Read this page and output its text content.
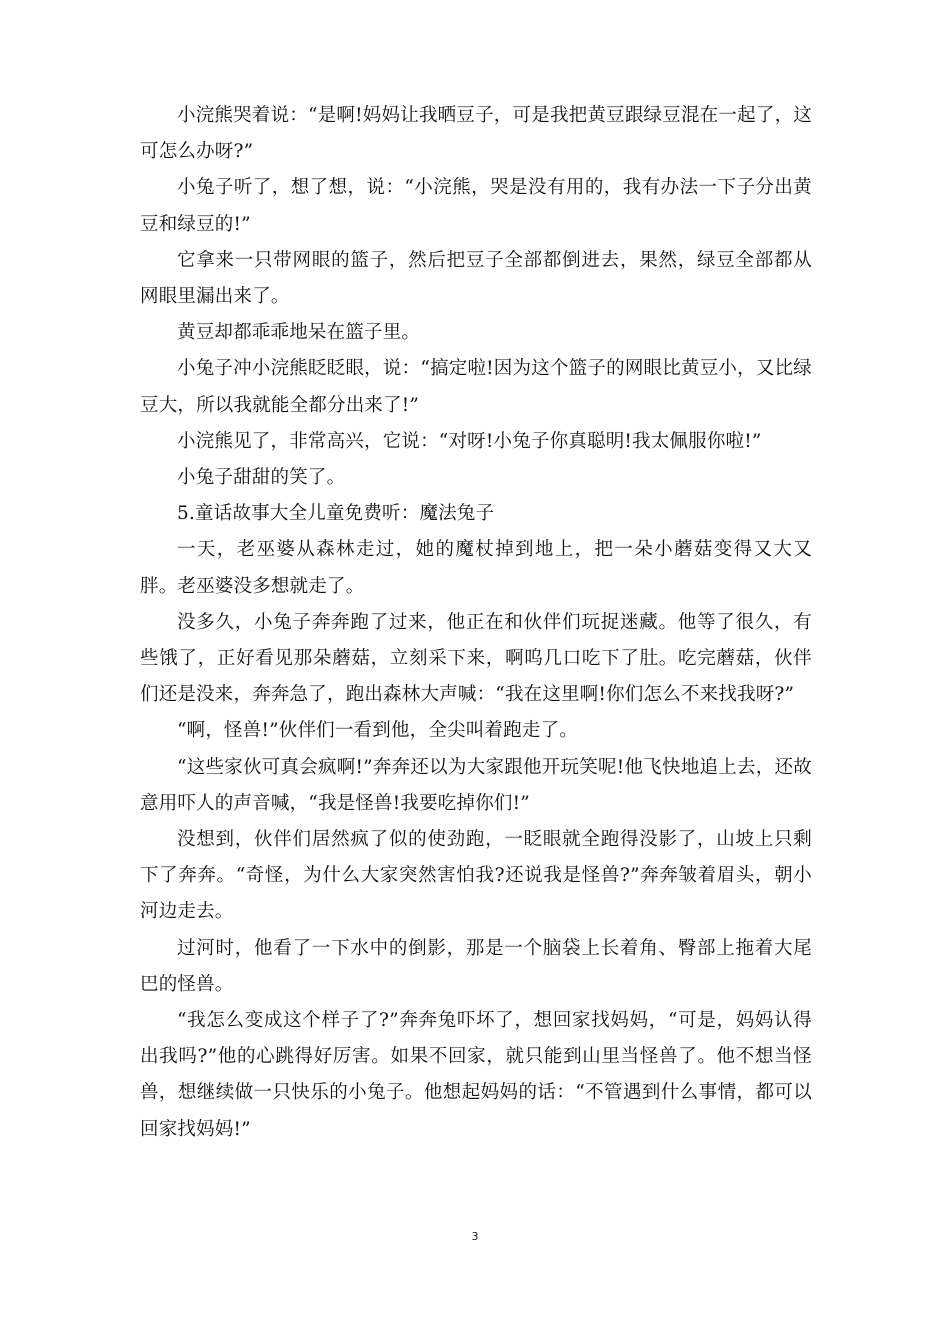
小浣熊哭着说：“是啊!妈妈让我晒豆子，可是我把黄豆跟绿豆混在一起了，这可怎么办呀?”

小兔子听了，想了想，说：“小浣熊，哭是没有用的，我有办法一下子分出黄豆和绿豆的!”

它拿来一只带网眼的篮子，然后把豆子全部都倒进去，果然，绿豆全部都从网眼里漏出来了。

黄豆却都乖乖地呆在篮子里。

小兔子冲小浣熊眨眨眼，说：“搞定啦!因为这个篮子的网眼比黄豆小，又比绿豆大，所以我就能全都分出来了!”

小浣熊见了，非常高兴，它说：“对呀!小兔子你真聪明!我太佩服你啦!”

小兔子甜甜的笑了。

5.童话故事大全儿童免费听：魔法兔子

一天，老巫婆从森林走过，她的魔杖掉到地上，把一朵小蘑菇变得又大又胖。老巫婆没多想就走了。

没多久，小兔子奔奔跑了过来，他正在和伙伴们玩捉迷藏。他等了很久，有些饿了，正好看见那朵蘑菇，立刻采下来，啊呜几口吃下了肚。吃完蘑菇，伙伴们还是没来，奔奔急了，跑出森林大声喊：“我在这里啊!你们怎么不来找我呀?”

“啊，怪兽!”伙伴们一看到他，全尖叫着跑走了。

“这些家伙可真会疯啊!”奔奔还以为大家跟他开玩笑呢!他飞快地追上去，还故意用吓人的声音喊，“我是怪兽!我要吃掉你们!”

没想到，伙伴们居然疯了似的使劲跑，一眨眼就全跑得没影了，山坡上只剩下了奔奔。“奇怪，为什么大家突然害怕我?还说我是怪兽?”奔奔皱着眉头，朝小河边走去。

过河时，他看了一下水中的倒影，那是一个脑袋上长着角、臀部上拖着大尾巴的怪兽。

“我怎么变成这个样子了?”奔奔兔吓坏了，想回家找妈妈，“可是，妈妈认得出我吗?”他的心跳得好厉害。如果不回家，就只能到山里当怪兽了。他不想当怪兽，想继续做一只快乐的小兔子。他想起妈妈的话：“不管遇到什么事情，都可以回家找妈妈!”

3
